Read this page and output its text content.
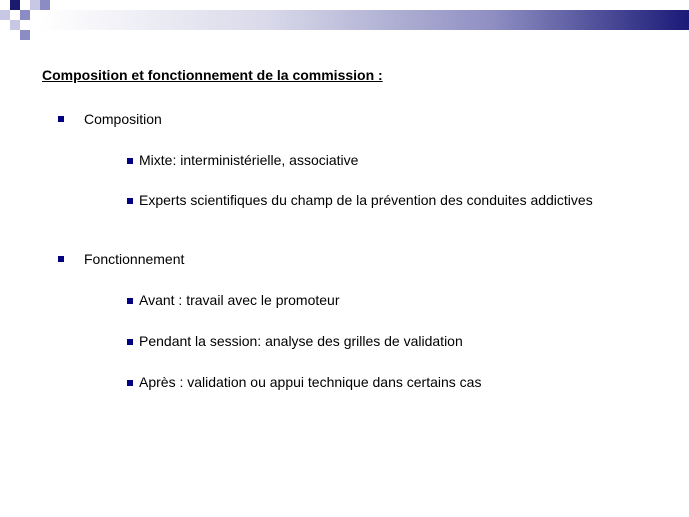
Composition et fonctionnement de la commission :
Composition
Mixte: interministérielle, associative
Experts scientifiques du champ de la prévention des conduites addictives
Fonctionnement
Avant : travail avec le promoteur
Pendant la session: analyse des grilles de validation
Après : validation ou appui technique dans certains cas
